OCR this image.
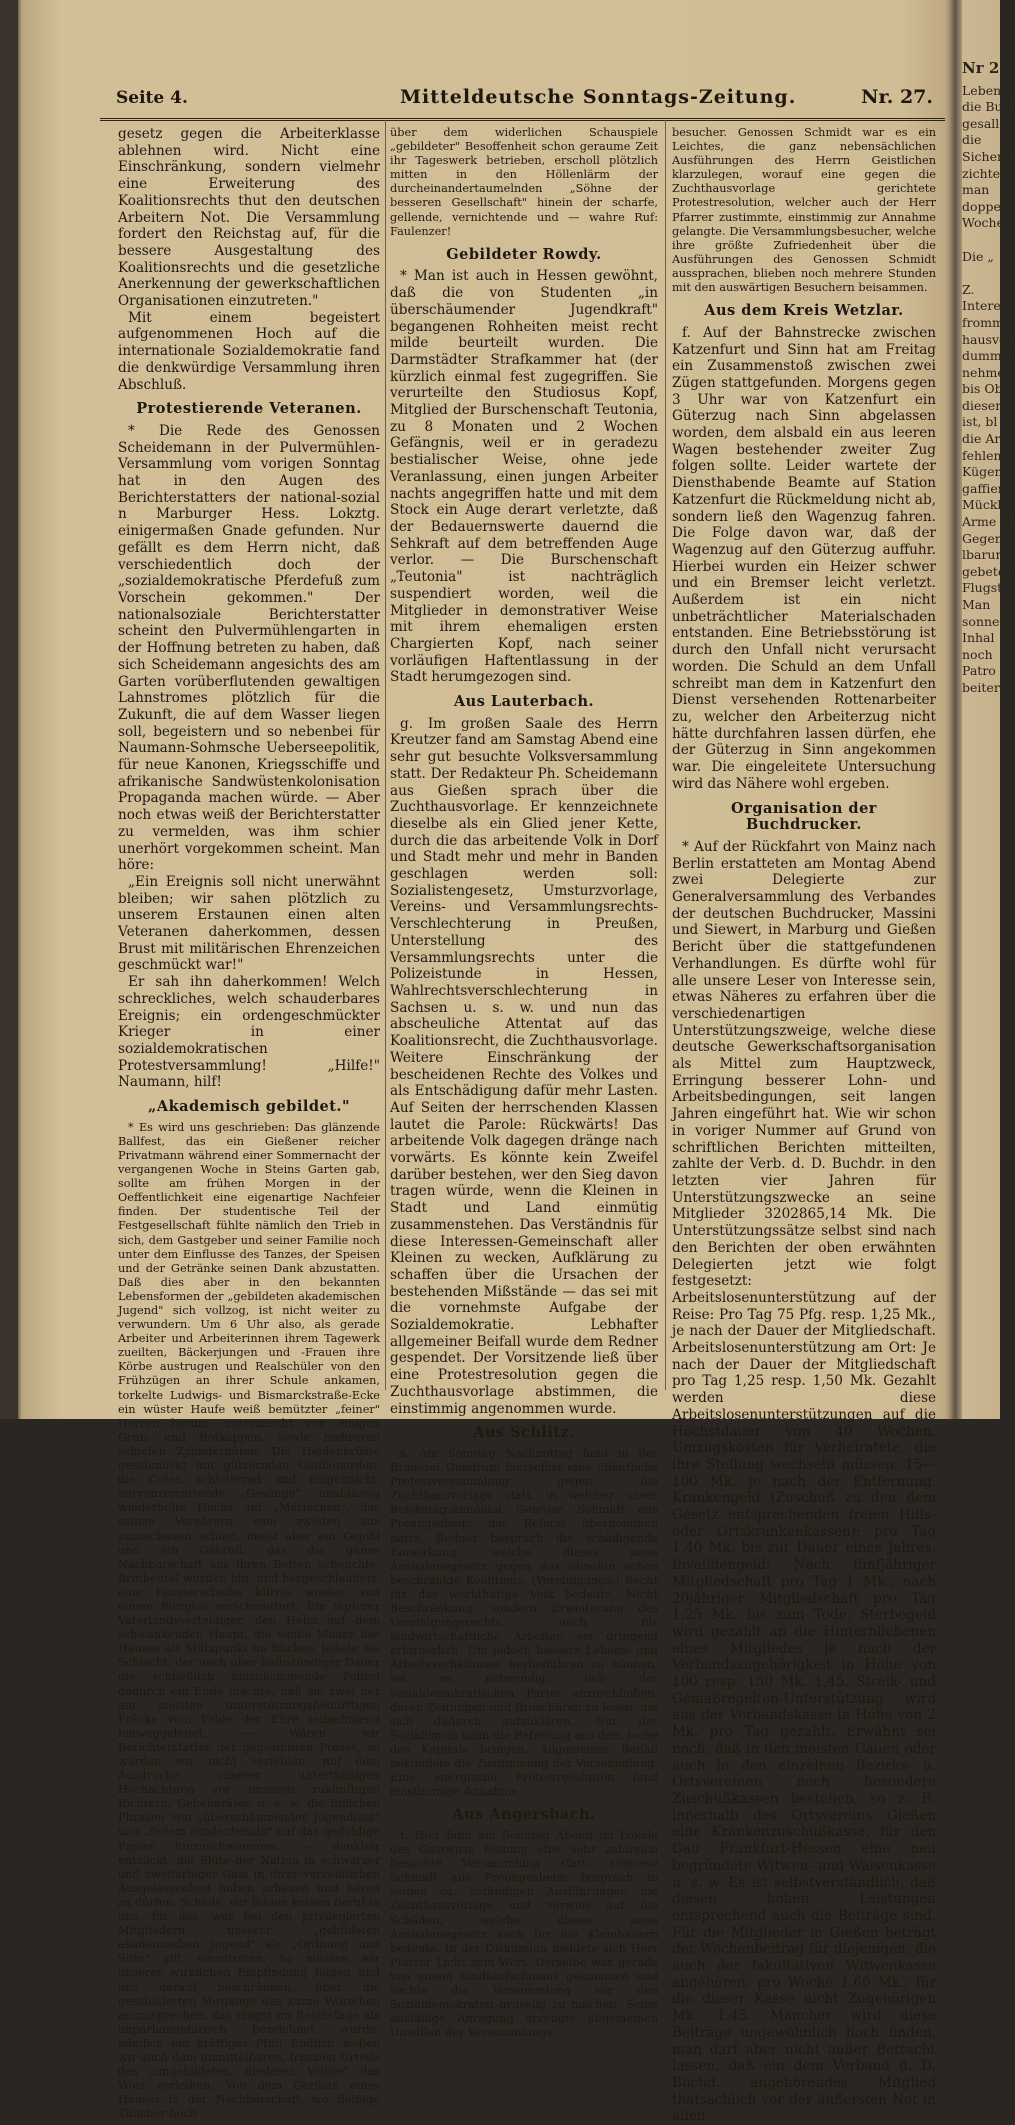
Seite 4.	Mitteldeutsche Sonntags-Zeitung.	Nr. 27.

gesetz gegen die Arbeiterklasse ablehnen wird. Nicht eine Einschränkung, sondern vielmehr eine Erweiterung des Koalitionsrechts thut den deutschen Arbeitern Not. Die Versammlung fordert den Reichstag auf, für die bessere Ausgestaltung des Koalitionsrechts und die gesetzliche Anerkennung der gewerkschaftlichen Organisationen einzutreten."

Mit einem begeistert aufgenommenen Hoch auf die internationale Sozialdemokratie fand die denkwürdige Versammlung ihren Abschluß.

Protestierende Veteranen.

* Die Rede des Genossen Scheidemann in der Pulvermühlen-Versammlung vom vorigen Sonntag hat in den Augen des Berichterstatters der national-sozial n Marburger Hess. Lokztg. einigermaßen Gnade gefunden. Nur gefällt es dem Herrn nicht, daß verschiedentlich doch der „sozialdemokratische Pferdefuß zum Vorschein gekommen." Der nationalsoziale Berichterstatter scheint den Pulvermühlengarten in der Hoffnung betreten zu haben, daß sich Scheidemann angesichts des am Garten vorüberflutenden gewaltigen Lahnstromes plötzlich für die Zukunft, die auf dem Wasser liegen soll, begeistern und so nebenbei für Naumann-Sohmsche Ueberseepolitik, für neue Kanonen, Kriegsschiffe und afrikanische Sandwüstenkolonisation Propaganda machen würde. — Aber noch etwas weiß der Berichterstatter zu vermelden, was ihm schier unerhört vorgekommen scheint. Man höre:

„Ein Ereignis soll nicht unerwähnt bleiben; wir sahen plötzlich zu unserem Erstaunen einen alten Veteranen daherkommen, dessen Brust mit militärischen Ehrenzeichen geschmückt war!"

Er sah ihn daherkommen! Welch schreckliches, welch schauderbares Ereignis; ein ordengeschmückter Krieger in einer sozialdemokratischen Protestversammlung! „Hilfe!" Naumann, hilf!

„Akademisch gebildet."

* Es wird uns geschrieben: Das glänzende Ballfest, das ein Gießener reicher Privatmann während einer Sommernacht der vergangenen Woche in Steins Garten gab, sollte am frühen Morgen in der Oeffentlichkeit eine eigenartige Nachfeier finden. Der studentische Teil der Festgesellschaft fühlte nämlich den Trieb in sich, dem Gastgeber und seiner Familie noch unter dem Einflusse des Tanzes, der Speisen und der Getränke seinen Dank abzustatten. Daß dies aber in den bekannten Lebensformen der „gebildeten akademischen Jugend" sich vollzog, ist nicht weiter zu verwundern. Um 6 Uhr also, als gerade Arbeiter und Arbeiterinnen ihrem Tagewerk zueilten, Bäckerjungen und -Frauen ihre Körbe austrugen und Realschüler von den Frühzügen an ihrer Schule ankamen, torkelte Ludwigs- und Bismarckstraße-Ecke ein wüster Haufe weiß bemützter „feiner" Herren herum, untermischt von einigen Grün- und Rotkappen, sowie mehreren schiefen Zylinderhüten. Die Heldenbrüste geschmückt mit glitzernden Cotillonorden, die Coten schlotternd und eingeknickt, nervenzerrüttende „Gesänge", unablässig wiederholte Hochs auf „Mariechen", das seinen Verehrern vom zweiten aus zuzuschauen schien, meist aber ein Gejohl und ein Gebrüll, das die ganze Nachbarschaft aus ihren Betten scheuchte. Brotbeutel wurden hin- und hergeschleudert, eine Fensterscheibe klirrte wieder, von einem Bierglas zerschmettert. Ein tapferer Vaterlandsverteidiger, den Helm auf dem schwankenden Haupt, die weiße Mauer des Hauses als Stützpunkt im Rücken, leitete die Schlacht, der nach über halbstündiger Dauer die schließlich hinzukommende Polizei dadurch ein Ende machte, daß sie zwei der am meisten unterstützungsbedürftigen Fräcke vom Felde der Ehre teilnehmend hinweggeleitet. — Wären wir Berichterstatter der gegesinnten Presse, so würden wir nicht verfehlen, mit dem Ausdrucke unserer unterthänigen Hochachtung vor unseren zukünftigen Richtern, Geheimräten u. s. w. die üblichen Phrasen von „überschäumender Jugendlust" und „flotem Studentenulk" auf das geduldige Papier hinzuschwemmen, — dankbar entzückt, die Blüte der Nation in schwarzer und zweifarbiger Gala in ihrer verzeihlichen Ausgelassenheit haben schauen und hören zu dürfen. Schade, wir fühlen keinen Beruf in uns, für das, was bei den privilegierten Mitgliedern unserer „gebildeten akademischen Jugend" als „Ordnung und Sitte" gilt, einzutreten. So müssen wir unserer wirklichen Empfindung folgen und uns darauf beschränken, über die geschilderten Vorgänge das kurze Wörtchen auszusprechen, das jüngst im Reichstage als unparlamentarisch bezeichnet wurde, nämlich ein kräftiges Pfui! Endlich wollen wir auch dem unmittelbaren, frischen Urteile des „ungebildeten, niederen Volkes" das Wort verleihen: Von dem Gerüste eines Hauses in der Nachbarschaft, wo fleißige Tüncher hoch

über dem widerlichen Schauspiele „gebildeter" Besoffenheit schon geraume Zeit ihr Tageswerk betrieben, erscholl plötzlich mitten in den Höllenlärm der durcheinandertaumelnden „Söhne der besseren Gesellschaft" hinein der scharfe, gellende, vernichtende und — wahre Ruf: Faulenzer!

Gebildeter Rowdy.

* Man ist auch in Hessen gewöhnt, daß die von Studenten „in überschäumender Jugendkraft" begangenen Rohheiten meist recht milde beurteilt wurden. Die Darmstädter Strafkammer hat (der kürzlich einmal fest zugegriffen. Sie verurteilte den Studiosus Kopf, Mitglied der Burschenschaft Teutonia, zu 8 Monaten und 2 Wochen Gefängnis, weil er in geradezu bestialischer Weise, ohne jede Veranlassung, einen jungen Arbeiter nachts angegriffen hatte und mit dem Stock ein Auge derart verletzte, daß der Bedauernswerte dauernd die Sehkraft auf dem betreffenden Auge verlor. — Die Burschenschaft „Teutonia" ist nachträglich suspendiert worden, weil die Mitglieder in demonstrativer Weise mit ihrem ehemaligen ersten Chargierten Kopf, nach seiner vorläufigen Haftentlassung in der Stadt herumgezogen sind.

Aus Lauterbach.

g. Im großen Saale des Herrn Kreutzer fand am Samstag Abend eine sehr gut besuchte Volksversammlung statt. Der Redakteur Ph. Scheidemann aus Gießen sprach über die Zuchthausvorlage. Er kennzeichnete dieselbe als ein Glied jener Kette, durch die das arbeitende Volk in Dorf und Stadt mehr und mehr in Banden geschlagen werden soll: Sozialistengesetz, Umsturzvorlage, Vereins- und Versammlungsrechts-Verschlechterung in Preußen, Unterstellung des Versammlungsrechts unter die Polizeistunde in Hessen, Wahlrechtsverschlechterung in Sachsen u. s. w. und nun das abscheuliche Attentat auf das Koalitionsrecht, die Zuchthausvorlage. Weitere Einschränkung der bescheidenen Rechte des Volkes und als Entschädigung dafür mehr Lasten. Auf Seiten der herrschenden Klassen lautet die Parole: Rückwärts! Das arbeitende Volk dagegen dränge nach vorwärts. Es könnte kein Zweifel darüber bestehen, wer den Sieg davon tragen würde, wenn die Kleinen in Stadt und Land einmütig zusammenstehen. Das Verständnis für diese Interessen-Gemeinschaft aller Kleinen zu wecken, Aufklärung zu schaffen über die Ursachen der bestehenden Mißstände — das sei mit die vornehmste Aufgabe der Sozialdemokratie. Lebhafter allgemeiner Beifall wurde dem Redner gespendet. Der Vorsitzende ließ über eine Protestresolution gegen die Zuchthausvorlage abstimmen, die einstimmig angenommen wurde.

Aus Schlitz.

s. Am Sonntag Nachmittag fand in der Brauerei Gundrum hierselbst eine öffentliche Protestversammlung gegen die Zuchthausvorlage statt, in welcher unser Reichstagskandidat Genosse Schmidt aus Preungesheim das Referat übernommen hatte. Redner besprach die schädigende Einwirkung, welche dieses neue Ausnahmegesetz gegen das ohnehin schon beschränkte Koalitions- (Vereinigungs-) Recht für das werkthätige Volk bedeute. Nicht Beschränkung, sondern Erweiterung des Vereinigungsrechts, auch für landwirtschaftliche Arbeiter, sei dringend erforderlich. Um jedoch bessere Lebens- und Arbeitsverhältnisse herbeiführen zu können, sei es notwendig, sich der sozialdemokratischen Partei anzuschließen, deren Zeitungen und Broschüren zu lesen, um sich dadurch aufzuklären. Nur der Sozialismus kann die Befreiung aus dem Joche des Kapitals bringen. Allgemeiner Beifall bekundete die Zustimmung der Versammlung. Eine energische Protestresolution fand einstimmige Annahme.

Aus Angersbach.

t. Hier fand am Sonntag Abend im Lokale des Gastwirts Reining eine sehr zahlreich besuchte Versammlung statt. Genosse Schmidt aus Preungesheim besprach in seinen ca. 2stündigen Ausführungen die Zuchthausvorlage und verwies auf die Schäden, welche dieses neue Ausnahmegesetz auch für die Kleinbauern bedeute. In der Diskussion meldete sich Herr Pfarrer Licht zum Wort. Derselbe war gerade von einem Kindtaufschmaus gekommen und suchte die Versammlung vor den Sozialdemokraten gruselig zu machen. Seine ausfällige Anregung erzeugte allgemeinen Unwillen der Versammlungs-

besucher. Genossen Schmidt war es ein Leichtes, die ganz nebensächlichen Ausführungen des Herrn Geistlichen klarzulegen, worauf eine gegen die Zuchthausvorlage gerichtete Protestresolution, welcher auch der Herr Pfarrer zustimmte, einstimmig zur Annahme gelangte. Die Versammlungsbesucher, welche ihre größte Zufriedenheit über die Ausführungen des Genossen Schmidt aussprachen, blieben noch mehrere Stunden mit den auswärtigen Besuchern beisammen.

Aus dem Kreis Wetzlar.

f. Auf der Bahnstrecke zwischen Katzenfurt und Sinn hat am Freitag ein Zusammenstoß zwischen zwei Zügen stattgefunden. Morgens gegen 3 Uhr war von Katzenfurt ein Güterzug nach Sinn abgelassen worden, dem alsbald ein aus leeren Wagen bestehender zweiter Zug folgen sollte. Leider wartete der Diensthabende Beamte auf Station Katzenfurt die Rückmeldung nicht ab, sondern ließ den Wagenzug fahren. Die Folge davon war, daß der Wagenzug auf den Güterzug auffuhr. Hierbei wurden ein Heizer schwer und ein Bremser leicht verletzt. Außerdem ist ein nicht unbeträchtlicher Materialschaden entstanden. Eine Betriebsstörung ist durch den Unfall nicht verursacht worden. Die Schuld an dem Unfall schreibt man dem in Katzenfurt den Dienst versehenden Rottenarbeiter zu, welcher den Arbeiterzug nicht hätte durchfahren lassen dürfen, ehe der Güterzug in Sinn angekommen war. Die eingeleitete Untersuchung wird das Nähere wohl ergeben.

Organisation der Buchdrucker.

* Auf der Rückfahrt von Mainz nach Berlin erstatteten am Montag Abend zwei Delegierte zur Generalversammlung des Verbandes der deutschen Buchdrucker, Massini und Siewert, in Marburg und Gießen Bericht über die stattgefundenen Verhandlungen. Es dürfte wohl für alle unsere Leser von Interesse sein, etwas Näheres zu erfahren über die verschiedenartigen Unterstützungszweige, welche diese deutsche Gewerkschaftsorganisation als Mittel zum Hauptzweck, Erringung besserer Lohn- und Arbeitsbedingungen, seit langen Jahren eingeführt hat. Wie wir schon in voriger Nummer auf Grund von schriftlichen Berichten mitteilten, zahlte der Verb. d. D. Buchdr. in den letzten vier Jahren für Unterstützungszwecke an seine Mitglieder 3202865,14 Mk. Die Unterstützungssätze selbst sind nach den Berichten der oben erwähnten Delegierten jetzt wie folgt festgesetzt: Arbeitslosenunterstützung auf der Reise: Pro Tag 75 Pfg. resp. 1,25 Mk., je nach der Dauer der Mitgliedschaft. Arbeitslosenunterstützung am Ort: Je nach der Dauer der Mitgliedschaft pro Tag 1,25 resp. 1,50 Mk. Gezahlt werden diese Arbeitslosenunterstützungen auf die Höchstdauer von 40 Wochen. Umzugskosten für Verheiratete, die ihre Stellung wechseln müssen: 15—100 Mk. je nach der Entfernung. Krankengeld (Zuschuß zu den dem Gesetz entsprechenden freien Hilfs- oder Ortskrankenkassen): pro Tag 1,40 Mk. bis zur Dauer eines Jahres. Invalidengeld: Nach fünfjähriger Mitgliedschaft pro Tag 1 Mk., nach 20jähriger Mitgliedschaft pro Tag 1,25 Mk. bis zum Tode. Sterbegeld wird gezahlt an die Hinterbliebenen eines Mitgliedes je nach der Verbandszugehörigkeit in Höhe von 100 resp. 150 Mk. 1,45. Streik- und Gemaßregelten-Unterstützung wird aus der Verbandskasse in Höhe von 2 Mk. pro Tag gezahlt. Erwähnt sei noch, daß in den meisten Gauen oder auch in den einzelnen Bezirks- u. Ortsvereinen noch besondere Zuschußkassen bestehen, so z. B. innerhalb des Ortsvereins Gießen eine Krankenzuschußkasse, für den Gau Frankfurt-Hessen eine neu begründete Witwen- und Waisenkasse u. s. w. Es ist selbstverständlich, daß diesen hohen Leistungen entsprechend auch die Beiträge sind. Für die Mitglieder in Gießen beträgt der Wochenbeitrag für diejenigen, die auch der fakultativen Witwenkasse angehören, pro Woche 1.60 Mk., für die dieser Kasse nicht Zugehörigen Mk. 1.45. Mancher wird diese Beiträge ungewöhnlich hoch finden, man darf aber nicht außer Betracht lassen, daß ein dem Verband d. D. Buchd. angehörendes Mitglied thatsächlich vor der äußersten Not in allen

Nr 2
Lebens
die Bud
gesalle
die
Sicheru
zichten
man
doppelt
Wochen

Die „

Z.
Interess
fromm
hausvor
dummer
nehmer
bis Ob
dieser
ist, bl
die Ar
fehlen.
Kügen-
gaffiere
Mückl
Arme G
Gegen
lbarun
gebeten
Flugst
Man
sonnen
Inhal
noch
Patro
beiter
